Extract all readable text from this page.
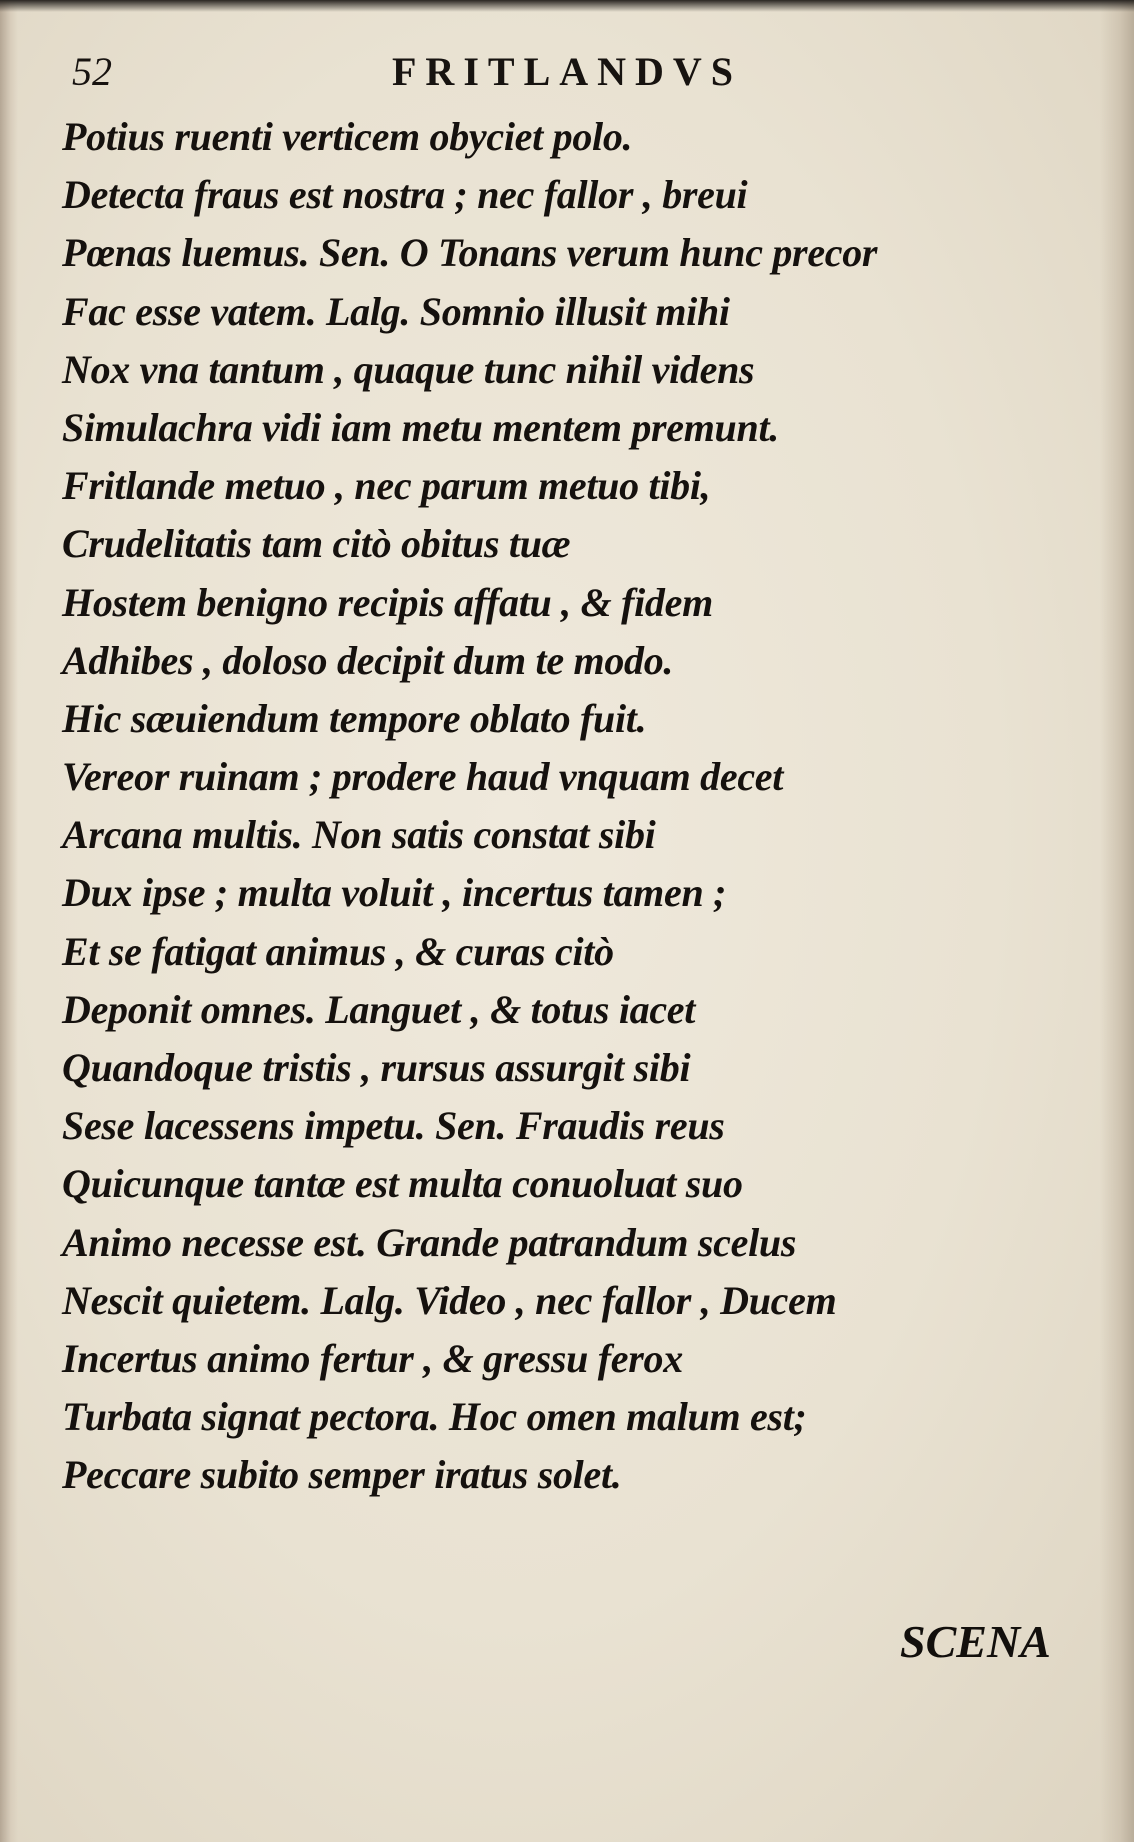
52	FRITLANDVS
Potius ruenti verticem obyciet polo.
Detecta fraus est nostra ; nec fallor , breui
Pœnas luemus. Sen. O Tonans verum hunc precor
Fac esse vatem. Lalg. Somnio illusit mihi
Nox vna tantum , quaque tunc nihil videns
Simulachra vidi iam metu mentem premunt.
Fritlande metuo , nec parum metuo tibi,
Crudelitatis tam citò obitus tuæ
Hostem benigno recipis affatu , & fidem
Adhibes , doloso decipit dum te modo.
Hic sæuiendum tempore oblato fuit.
Vereor ruinam ; prodere haud vnquam decet
Arcana multis. Non satis constat sibi
Dux ipse ; multa voluit , incertus tamen ;
Et se fatigat animus , & curas citò
Deponit omnes. Languet , & totus iacet
Quandoque tristis , rursus assurgit sibi
Sese lacessens impetu. Sen. Fraudis reus
Quicunque tantæ est multa conuoluat suo
Animo necesse est. Grande patrandum scelus
Nescit quietem. Lalg. Video , nec fallor , Ducem
Incertus animo fertur , & gressu ferox
Turbata signat pectora. Hoc omen malum est;
Peccare subito semper iratus solet.
SCENA
